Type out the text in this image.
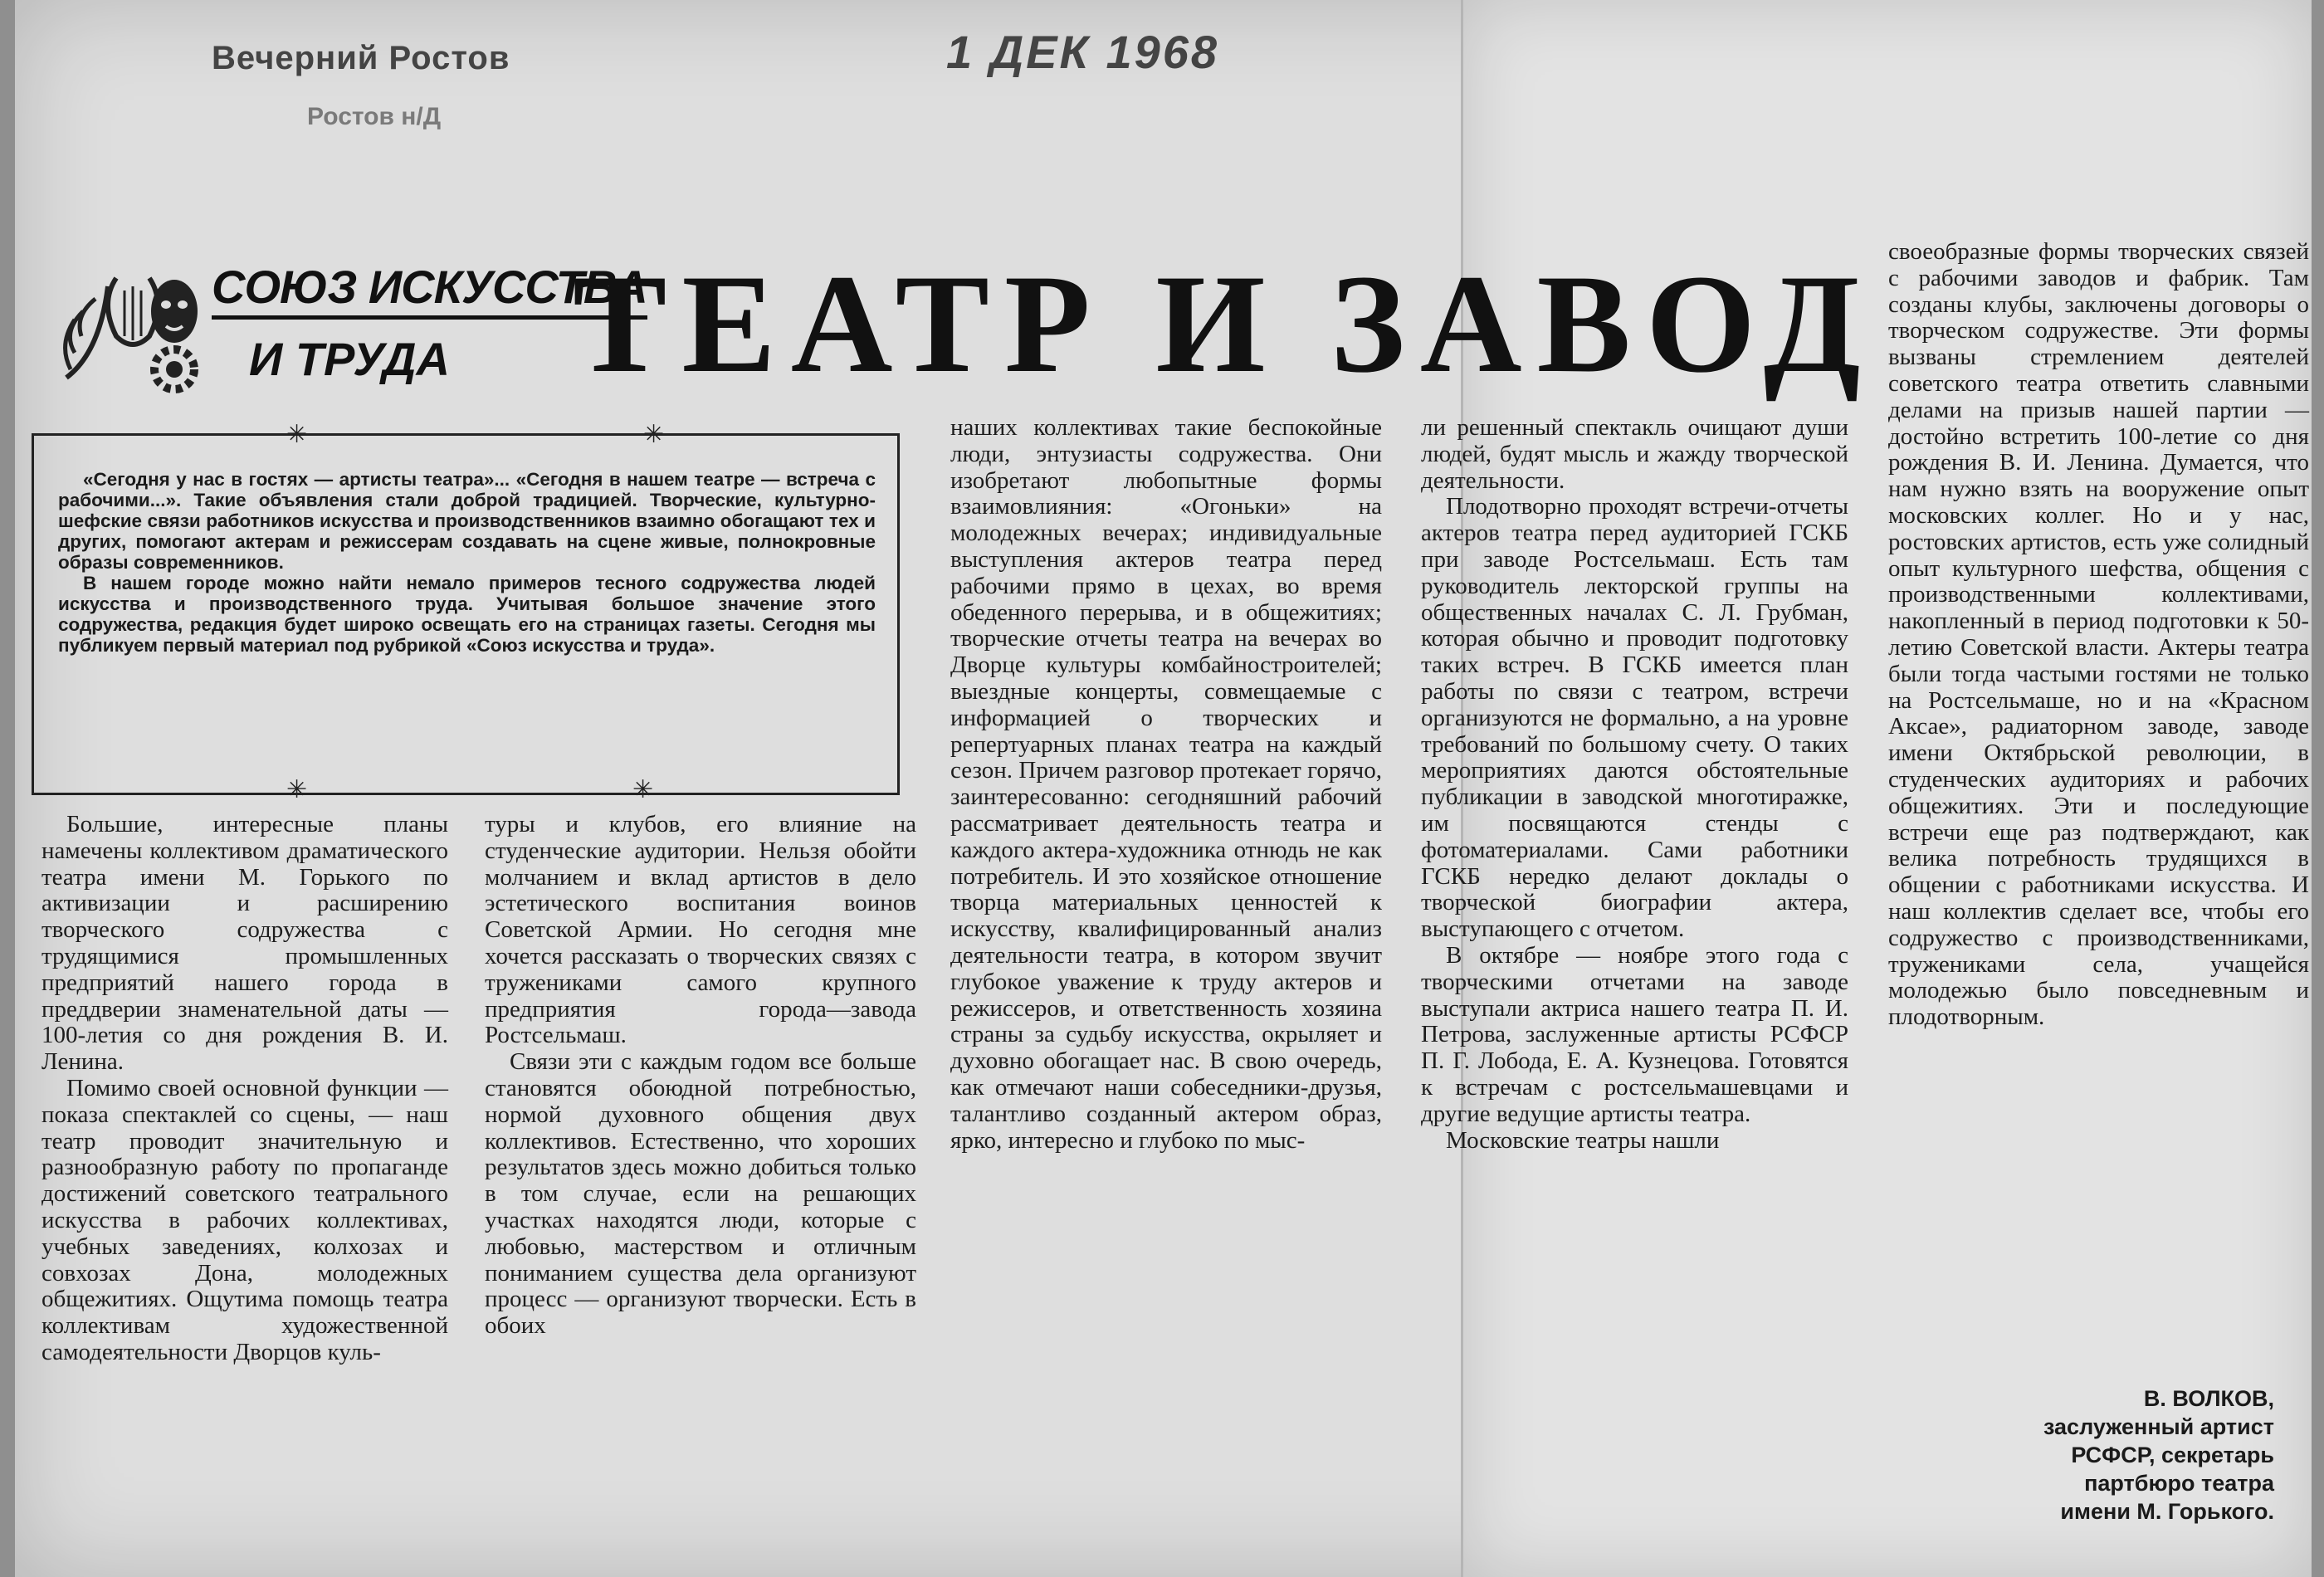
Вечерний Ростов
Ростов н/Д
1 ДЕК 1968
СОЮЗ ИСКУССТВА
И ТРУДА ТЕАТР И ЗАВОД
✳	✳
✳	✳

«Сегодня у нас в гостях — артисты театра»... «Сегодня в нашем театре — встреча с рабочими...». Такие объявления стали доброй традицией. Творческие, культурно-шефские связи работников искусства и производственников взаимно обогащают тех и других, помогают актерам и режиссерам создавать на сцене живые, полнокровные образы современников.

В нашем городе можно найти немало примеров тесного содружества людей искусства и производственного труда. Учитывая большое значение этого содружества, редакция будет широко освещать его на страницах газеты. Сегодня мы публикуем первый материал под рубрикой «Союз искусства и труда».

Большие, интересные планы намечены коллективом драматического театра имени М. Горького по активизации и расширению творческого содружества с трудящимися промышленных предприятий нашего города в преддверии знаменательной даты — 100-летия со дня рождения В. И. Ленина.

Помимо своей основной функции — показа спектаклей со сцены, — наш театр проводит значительную и разнообразную работу по пропаганде достижений советского театрального искусства в рабочих коллективах, учебных заведениях, колхозах и совхозах Дона, молодежных общежитиях. Ощутима помощь театра коллективам художественной самодеятельности Дворцов куль-

туры и клубов, его влияние на студенческие аудитории. Нельзя обойти молчанием и вклад артистов в дело эстетического воспитания воинов Советской Армии. Но сегодня мне хочется рассказать о творческих связях с тружениками самого крупного предприятия города—завода Ростсельмаш.

Связи эти с каждым годом все больше становятся обоюдной потребностью, нормой духовного общения двух коллективов. Естественно, что хороших результатов здесь можно добиться только в том случае, если на решающих участках находятся люди, которые с любовью, мастерством и отличным пониманием существа дела организуют процесс — организуют творчески. Есть в обоих

наших коллективах такие беспокойные люди, энтузиасты содружества. Они изобретают любопытные формы взаимовлияния: «Огоньки» на молодежных вечерах; индивидуальные выступления актеров театра перед рабочими прямо в цехах, во время обеденного перерыва, и в общежитиях; творческие отчеты театра на вечерах во Дворце культуры комбайностроителей; выездные концерты, совмещаемые с информацией о творческих и репертуарных планах театра на каждый сезон. Причем разговор протекает горячо, заинтересованно: сегодняшний рабочий рассматривает деятельность театра и каждого актера-художника отнюдь не как потребитель. И это хозяйское отношение творца материальных ценностей к искусству, квалифицированный анализ деятельности театра, в котором звучит глубокое уважение к труду актеров и режиссеров, и ответственность хозяина страны за судьбу искусства, окрыляет и духовно обогащает нас. В свою очередь, как отмечают наши собеседники-друзья, талантливо созданный актером образ, ярко, интересно и глубоко по мыс-

ли решенный спектакль очищают души людей, будят мысль и жажду творческой деятельности.

Плодотворно проходят встречи-отчеты актеров театра перед аудиторией ГСКБ при заводе Ростсельмаш. Есть там руководитель лекторской группы на общественных началах С. Л. Грубман, которая обычно и проводит подготовку таких встреч. В ГСКБ имеется план работы по связи с театром, встречи организуются не формально, а на уровне требований по большому счету. О таких мероприятиях даются обстоятельные публикации в заводской многотиражке, им посвящаются стенды с фотоматериалами. Сами работники ГСКБ нередко делают доклады о творческой биографии актера, выступающего с отчетом.

В октябре — ноябре этого года с творческими отчетами на заводе выступали актриса нашего театра П. И. Петрова, заслуженные артисты РСФСР П. Г. Лобода, Е. А. Кузнецова. Готовятся к встречам с ростсельмашевцами и другие ведущие артисты театра.

Московские театры нашли

своеобразные формы творческих связей с рабочими заводов и фабрик. Там созданы клубы, заключены договоры о творческом содружестве. Эти формы вызваны стремлением деятелей советского театра ответить славными делами на призыв нашей партии — достойно встретить 100-летие со дня рождения В. И. Ленина. Думается, что нам нужно взять на вооружение опыт московских коллег. Но и у нас, ростовских артистов, есть уже солидный опыт культурного шефства, общения с производственными коллективами, накопленный в период подготовки к 50-летию Советской власти. Актеры театра были тогда частыми гостями не только на Ростсельмаше, но и на «Красном Аксае», радиаторном заводе, заводе имени Октябрьской революции, в студенческих аудиториях и рабочих общежитиях. Эти и последующие встречи еще раз подтверждают, как велика потребность трудящихся в общении с работниками искусства. И наш коллектив сделает все, чтобы его содружество с производственниками, тружениками села, учащейся молодежью было повседневным и плодотворным.

В. ВОЛКОВ,
заслуженный артист
РСФСР, секретарь
партбюро театра
имени М. Горького.
